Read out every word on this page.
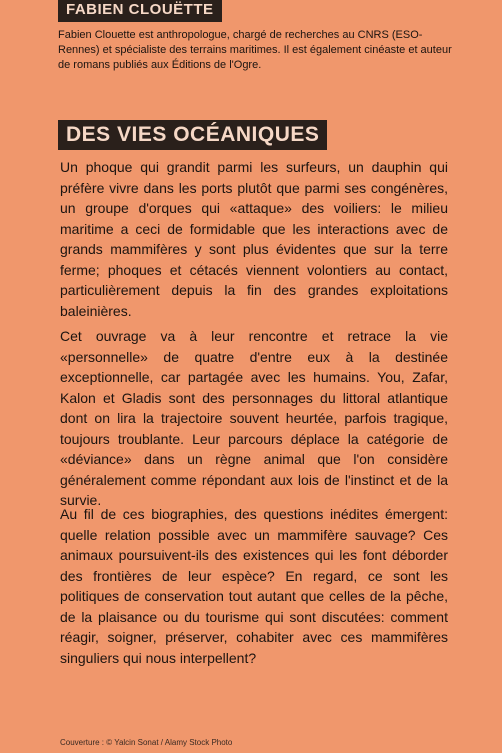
FABIEN CLOUËTTE

Fabien Clouette est anthropologue, chargé de recherches au CNRS (ESO-Rennes) et spécialiste des terrains maritimes. Il est également cinéaste et auteur de romans publiés aux Éditions de l'Ogre.

DES VIES OCÉANIQUES

Un phoque qui grandit parmi les surfeurs, un dauphin qui préfère vivre dans les ports plutôt que parmi ses congénères, un groupe d'orques qui «attaque» des voiliers: le milieu maritime a ceci de formidable que les interactions avec de grands mammifères y sont plus évidentes que sur la terre ferme; phoques et cétacés viennent volontiers au contact, particulièrement depuis la fin des grandes exploitations baleinières.

Cet ouvrage va à leur rencontre et retrace la vie «personnelle» de quatre d'entre eux à la destinée exceptionnelle, car partagée avec les humains. You, Zafar, Kalon et Gladis sont des personnages du littoral atlantique dont on lira la trajectoire souvent heurtée, parfois tragique, toujours troublante. Leur parcours déplace la catégorie de «déviance» dans un règne animal que l'on considère généralement comme répondant aux lois de l'instinct et de la survie.

Au fil de ces biographies, des questions inédites émergent: quelle relation possible avec un mammifère sauvage? Ces animaux poursuivent-ils des existences qui les font déborder des frontières de leur espèce? En regard, ce sont les politiques de conservation tout autant que celles de la pêche, de la plaisance ou du tourisme qui sont discutées: comment réagir, soigner, préserver, cohabiter avec ces mammifères singuliers qui nous interpellent?

Couverture : © Yalcin Sonat / Alamy Stock Photo
